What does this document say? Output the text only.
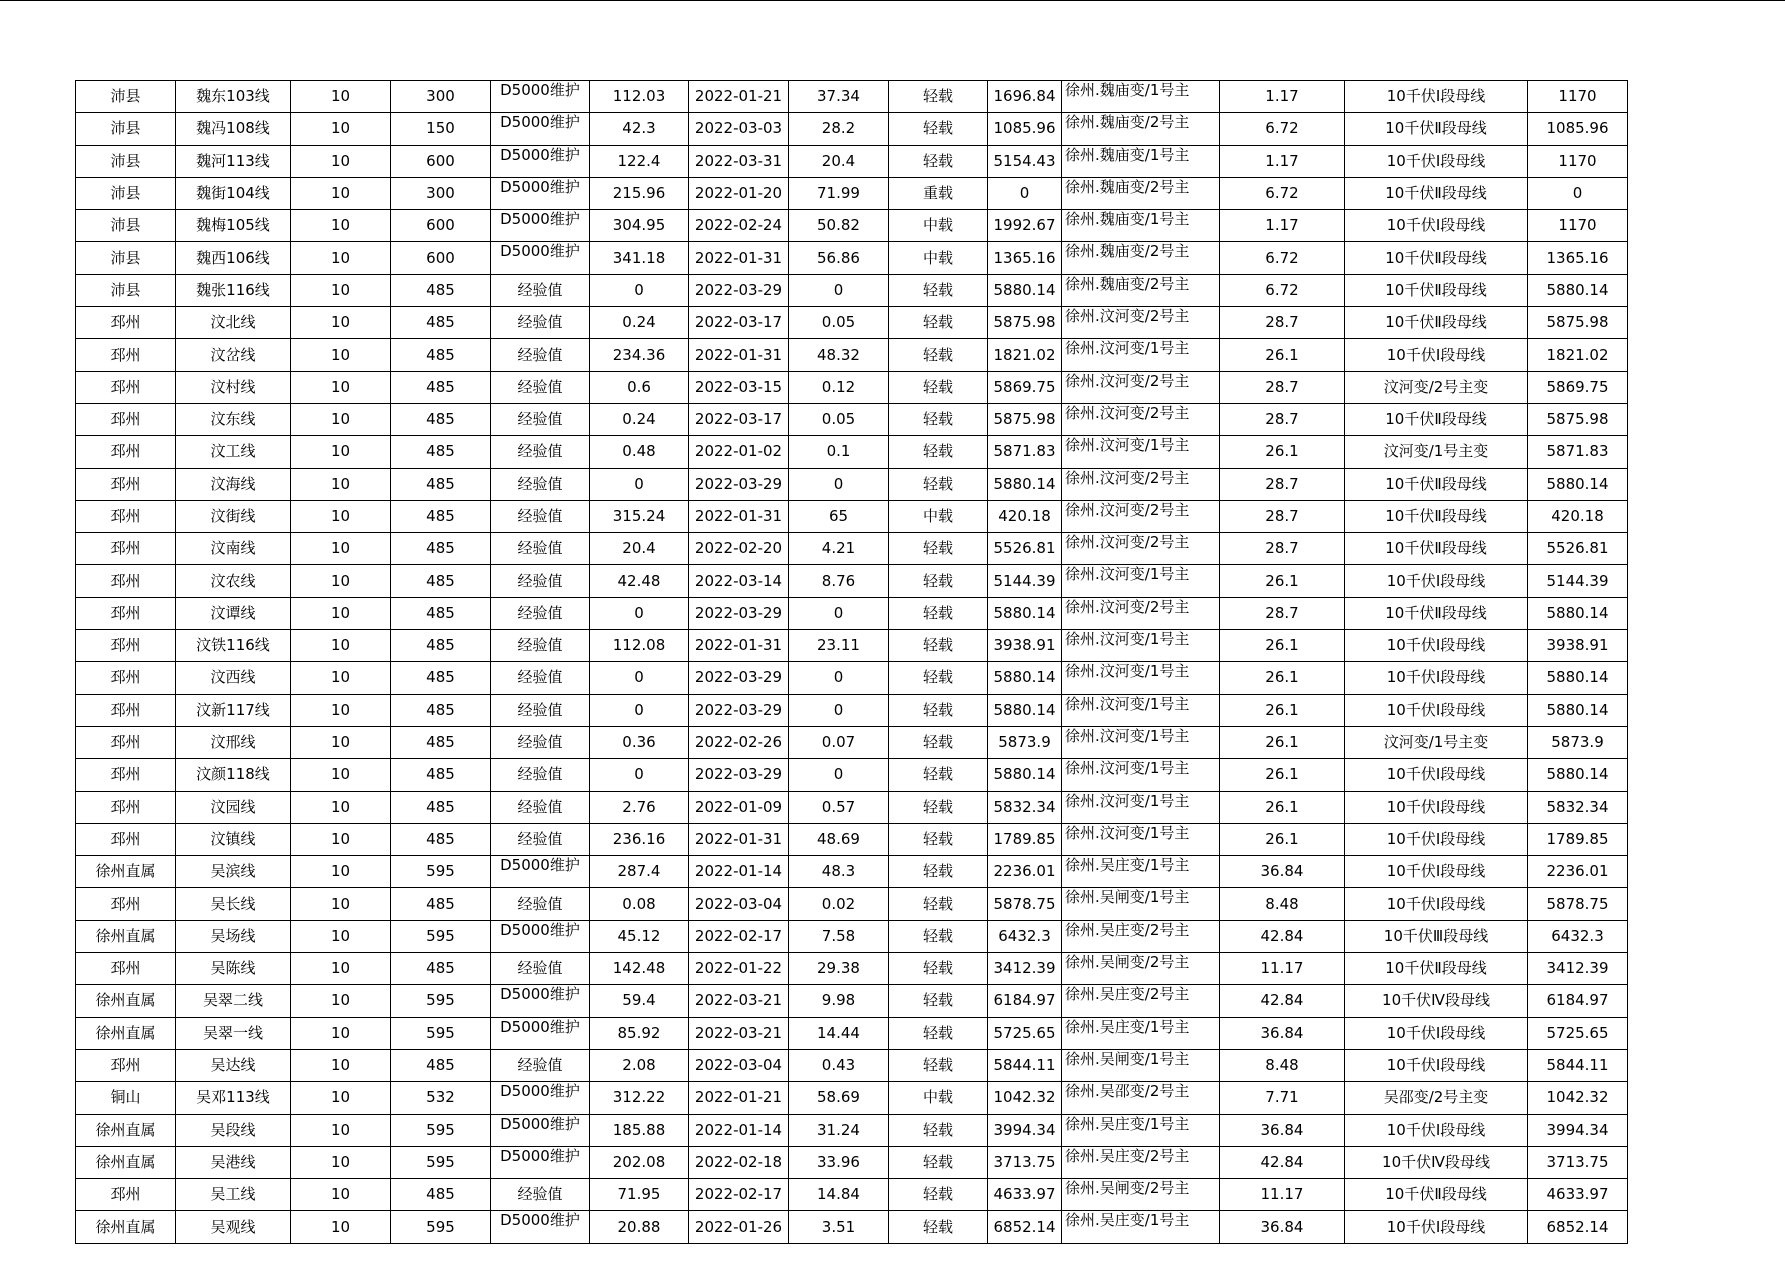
沛县	魏东103线	10	300	D5000维护	112.03	2022-01-21	37.34	轻载	1696.84	徐州.魏庙变/1号主	1.17	10千伏Ⅰ段母线	1170
沛县	魏冯108线	10	150	D5000维护	42.3	2022-03-03	28.2	轻载	1085.96	徐州.魏庙变/2号主	6.72	10千伏Ⅱ段母线	1085.96
沛县	魏河113线	10	600	D5000维护	122.4	2022-03-31	20.4	轻载	5154.43	徐州.魏庙变/1号主	1.17	10千伏Ⅰ段母线	1170
沛县	魏街104线	10	300	D5000维护	215.96	2022-01-20	71.99	重载	0	徐州.魏庙变/2号主	6.72	10千伏Ⅱ段母线	0
沛县	魏梅105线	10	600	D5000维护	304.95	2022-02-24	50.82	中载	1992.67	徐州.魏庙变/1号主	1.17	10千伏Ⅰ段母线	1170
沛县	魏西106线	10	600	D5000维护	341.18	2022-01-31	56.86	中载	1365.16	徐州.魏庙变/2号主	6.72	10千伏Ⅱ段母线	1365.16
沛县	魏张116线	10	485	经验值	0	2022-03-29	0	轻载	5880.14	徐州.魏庙变/2号主	6.72	10千伏Ⅱ段母线	5880.14
邳州	汶北线	10	485	经验值	0.24	2022-03-17	0.05	轻载	5875.98	徐州.汶河变/2号主	28.7	10千伏Ⅱ段母线	5875.98
邳州	汶岔线	10	485	经验值	234.36	2022-01-31	48.32	轻载	1821.02	徐州.汶河变/1号主	26.1	10千伏Ⅰ段母线	1821.02
邳州	汶村线	10	485	经验值	0.6	2022-03-15	0.12	轻载	5869.75	徐州.汶河变/2号主	28.7	汶河变/2号主变	5869.75
邳州	汶东线	10	485	经验值	0.24	2022-03-17	0.05	轻载	5875.98	徐州.汶河变/2号主	28.7	10千伏Ⅱ段母线	5875.98
邳州	汶工线	10	485	经验值	0.48	2022-01-02	0.1	轻载	5871.83	徐州.汶河变/1号主	26.1	汶河变/1号主变	5871.83
邳州	汶海线	10	485	经验值	0	2022-03-29	0	轻载	5880.14	徐州.汶河变/2号主	28.7	10千伏Ⅱ段母线	5880.14
邳州	汶街线	10	485	经验值	315.24	2022-01-31	65	中载	420.18	徐州.汶河变/2号主	28.7	10千伏Ⅱ段母线	420.18
邳州	汶南线	10	485	经验值	20.4	2022-02-20	4.21	轻载	5526.81	徐州.汶河变/2号主	28.7	10千伏Ⅱ段母线	5526.81
邳州	汶农线	10	485	经验值	42.48	2022-03-14	8.76	轻载	5144.39	徐州.汶河变/1号主	26.1	10千伏Ⅰ段母线	5144.39
邳州	汶谭线	10	485	经验值	0	2022-03-29	0	轻载	5880.14	徐州.汶河变/2号主	28.7	10千伏Ⅱ段母线	5880.14
邳州	汶铁116线	10	485	经验值	112.08	2022-01-31	23.11	轻载	3938.91	徐州.汶河变/1号主	26.1	10千伏Ⅰ段母线	3938.91
邳州	汶西线	10	485	经验值	0	2022-03-29	0	轻载	5880.14	徐州.汶河变/1号主	26.1	10千伏Ⅰ段母线	5880.14
邳州	汶新117线	10	485	经验值	0	2022-03-29	0	轻载	5880.14	徐州.汶河变/1号主	26.1	10千伏Ⅰ段母线	5880.14
邳州	汶邢线	10	485	经验值	0.36	2022-02-26	0.07	轻载	5873.9	徐州.汶河变/1号主	26.1	汶河变/1号主变	5873.9
邳州	汶颜118线	10	485	经验值	0	2022-03-29	0	轻载	5880.14	徐州.汶河变/1号主	26.1	10千伏Ⅰ段母线	5880.14
邳州	汶园线	10	485	经验值	2.76	2022-01-09	0.57	轻载	5832.34	徐州.汶河变/1号主	26.1	10千伏Ⅰ段母线	5832.34
邳州	汶镇线	10	485	经验值	236.16	2022-01-31	48.69	轻载	1789.85	徐州.汶河变/1号主	26.1	10千伏Ⅰ段母线	1789.85
徐州直属	吴滨线	10	595	D5000维护	287.4	2022-01-14	48.3	轻载	2236.01	徐州.吴庄变/1号主	36.84	10千伏Ⅰ段母线	2236.01
邳州	吴长线	10	485	经验值	0.08	2022-03-04	0.02	轻载	5878.75	徐州.吴闸变/1号主	8.48	10千伏Ⅰ段母线	5878.75
徐州直属	吴场线	10	595	D5000维护	45.12	2022-02-17	7.58	轻载	6432.3	徐州.吴庄变/2号主	42.84	10千伏Ⅲ段母线	6432.3
邳州	吴陈线	10	485	经验值	142.48	2022-01-22	29.38	轻载	3412.39	徐州.吴闸变/2号主	11.17	10千伏Ⅱ段母线	3412.39
徐州直属	吴翠二线	10	595	D5000维护	59.4	2022-03-21	9.98	轻载	6184.97	徐州.吴庄变/2号主	42.84	10千伏Ⅳ段母线	6184.97
徐州直属	吴翠一线	10	595	D5000维护	85.92	2022-03-21	14.44	轻载	5725.65	徐州.吴庄变/1号主	36.84	10千伏Ⅰ段母线	5725.65
邳州	吴达线	10	485	经验值	2.08	2022-03-04	0.43	轻载	5844.11	徐州.吴闸变/1号主	8.48	10千伏Ⅰ段母线	5844.11
铜山	吴邓113线	10	532	D5000维护	312.22	2022-01-21	58.69	中载	1042.32	徐州.吴邵变/2号主	7.71	吴邵变/2号主变	1042.32
徐州直属	吴段线	10	595	D5000维护	185.88	2022-01-14	31.24	轻载	3994.34	徐州.吴庄变/1号主	36.84	10千伏Ⅰ段母线	3994.34
徐州直属	吴港线	10	595	D5000维护	202.08	2022-02-18	33.96	轻载	3713.75	徐州.吴庄变/2号主	42.84	10千伏Ⅳ段母线	3713.75
邳州	吴工线	10	485	经验值	71.95	2022-02-17	14.84	轻载	4633.97	徐州.吴闸变/2号主	11.17	10千伏Ⅱ段母线	4633.97
徐州直属	吴观线	10	595	D5000维护	20.88	2022-01-26	3.51	轻载	6852.14	徐州.吴庄变/1号主	36.84	10千伏Ⅰ段母线	6852.14
